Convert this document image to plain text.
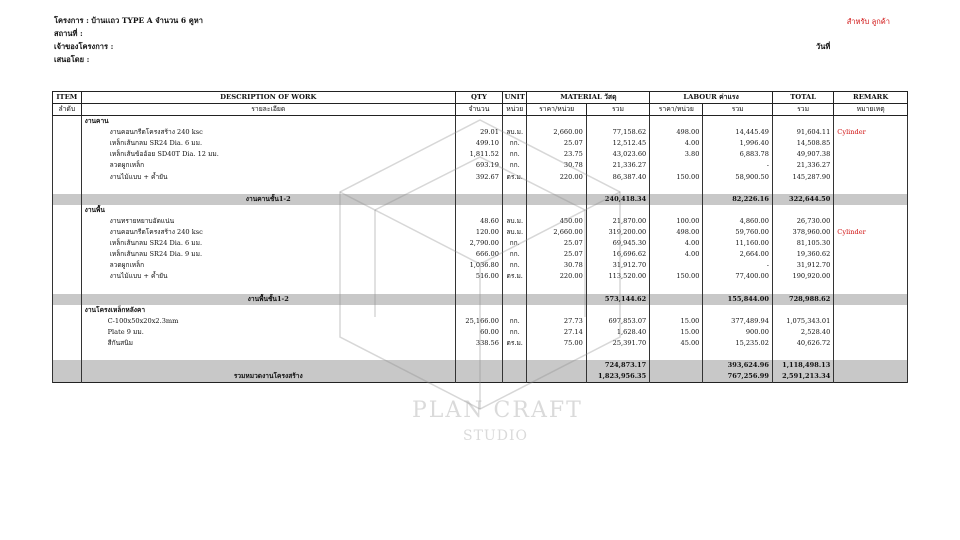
โครงการ : บ้านเเถว TYPE A จำนวน 6 คูหา
สถานที่ :
เจ้าของโครงการ :
เสนอโดย :
สำหรับ ลูกค้า
วันที่
ITEM	DESCRIPTION OF WORK	QTY	UNIT	MATERIAL วัสดุ		LABOUR ค่าแรง		TOTAL	REMARK
ลำดับ	รายละเอียด	จำนวน	หน่วย	ราคา/หน่วย	รวม	ราคา/หน่วย	รวม	รวม	หมายเหตุ
	งานคาน								
	งานคอนกรีตโครงสร้าง 240 ksc	29.01	ลบ.ม.	2,660.00	77,158.62	498.00	14,445.49	91,604.11	Cylinder
	เหล็กเส้นกลม SR24 Dia. 6 มม.	499.10	กก.	25.07	12,512.45	4.00	1,996.40	14,508.85	
	เหล็กเส้นข้ออ้อย SD40T Dia. 12 มม.	1,811.52	กก.	23.75	43,023.60	3.80	6,883.78	49,907.38	
	ลวดผูกเหล็ก	693.19	กก.	30.78	21,336.27		-	21,336.27	
	งานไม้แบบ + ค้ำยัน	392.67	ตร.ม.	220.00	86,387.40	150.00	58,900.50	145,287.90	

	งานคานชั้น1-2				240,418.34		82,226.16	322,644.50	
	งานพื้น								
	งานทรายหยาบอัดแน่น	48.60	ลบ.ม.	450.00	21,870.00	100.00	4,860.00	26,730.00	
	งานคอนกรีตโครงสร้าง 240 ksc	120.00	ลบ.ม.	2,660.00	319,200.00	498.00	59,760.00	378,960.00	Cylinder
	เหล็กเส้นกลม SR24 Dia. 6 มม.	2,790.00	กก.	25.07	69,945.30	4.00	11,160.00	81,105.30	
	เหล็กเส้นกลม SR24 Dia. 9 มม.	666.00	กก.	25.07	16,696.62	4.00	2,664.00	19,360.62	
	ลวดผูกเหล็ก	1,036.80	กก.	30.78	31,912.70		-	31,912.70	
	งานไม้แบบ + ค้ำยัน	516.00	ตร.ม.	220.00	113,520.00	150.00	77,400.00	190,920.00	

	งานพื้นชั้น1-2				573,144.62		155,844.00	728,988.62	
	งานโครงเหล็กหลังคา								
	C-100x50x20x2.3mm	25,166.00	กก.	27.73	697,853.07	15.00	377,489.94	1,075,343.01	
	Plate 9 มม.	60.00	กก.	27.14	1,628.40	15.00	900.00	2,528.40	
	สีกันสนิม	338.56	ตร.ม.	75.00	25,391.70	45.00	15,235.02	40,626.72	

					724,873.17		393,624.96	1,118,498.13	
	รวมหมวดงานโครงสร้าง				1,823,956.35		767,256.99	2,591,213.34	
PLAN CRAFT
STUDIO
